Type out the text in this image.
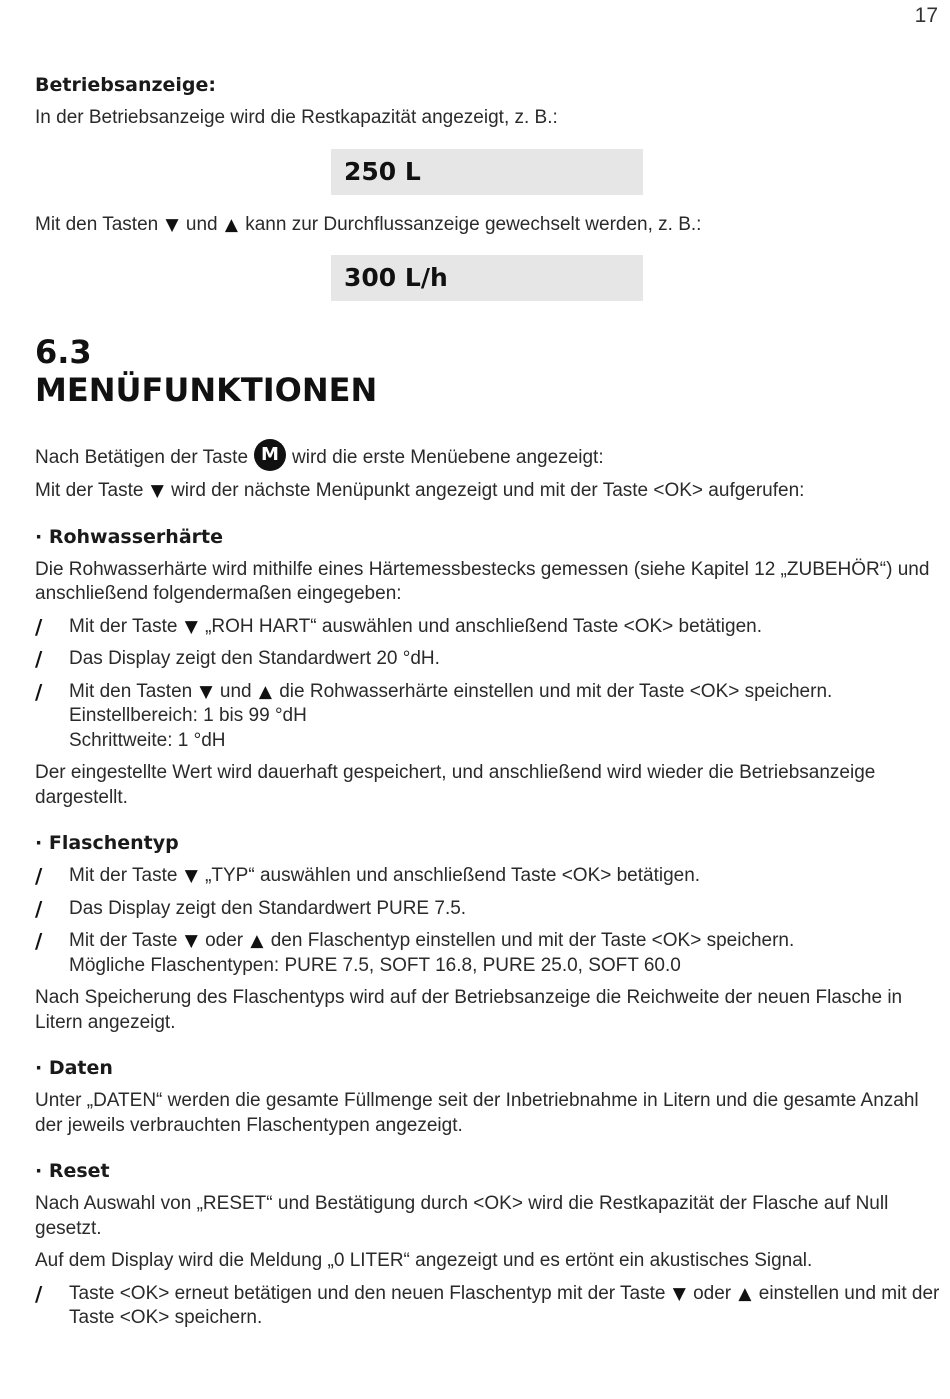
17
Betriebsanzeige:

In der Betriebsanzeige wird die Restkapazität angezeigt, z. B.:

250 L

Mit den Tasten ▼ und ▲ kann zur Durchflussanzeige gewechselt werden, z. B.:

300 L/h
6.3
MENÜFUNKTIONEN

Nach Betätigen der Taste M wird die erste Menüebene angezeigt:

Mit der Taste ▼ wird der nächste Menüpunkt angezeigt und mit der Taste <OK> aufgerufen:

· Rohwasserhärte

Die Rohwasserhärte wird mithilfe eines Härtemessbestecks gemessen (siehe Kapitel 12 „ZUBEHÖR“) und anschließend folgendermaßen eingegeben:

/ Mit der Taste ▼ „ROH HART“ auswählen und anschließend Taste <OK> betätigen.
/ Das Display zeigt den Standardwert 20 °dH.
/ Mit den Tasten ▼ und ▲ die Rohwasserhärte einstellen und mit der Taste <OK> speichern.
Einstellbereich: 1 bis 99 °dH
Schrittweite: 1 °dH

Der eingestellte Wert wird dauerhaft gespeichert, und anschließend wird wieder die Betriebsanzeige dargestellt.

· Flaschentyp
/ Mit der Taste ▼ „TYP“ auswählen und anschließend Taste <OK> betätigen.
/ Das Display zeigt den Standardwert PURE 7.5.
/ Mit der Taste ▼ oder ▲ den Flaschentyp einstellen und mit der Taste <OK> speichern.
Mögliche Flaschentypen: PURE 7.5, SOFT 16.8, PURE 25.0, SOFT 60.0

Nach Speicherung des Flaschentyps wird auf der Betriebsanzeige die Reichweite der neuen Flasche in Litern angezeigt.

· Daten

Unter „DATEN“ werden die gesamte Füllmenge seit der Inbetriebnahme in Litern und die gesamte Anzahl der jeweils verbrauchten Flaschentypen angezeigt.

· Reset

Nach Auswahl von „RESET“ und Bestätigung durch <OK> wird die Restkapazität der Flasche auf Null gesetzt.

Auf dem Display wird die Meldung „0 LITER“ angezeigt und es ertönt ein akustisches Signal.

/ Taste <OK> erneut betätigen und den neuen Flaschentyp mit der Taste ▼ oder ▲ einstellen und mit der Taste <OK> speichern.
